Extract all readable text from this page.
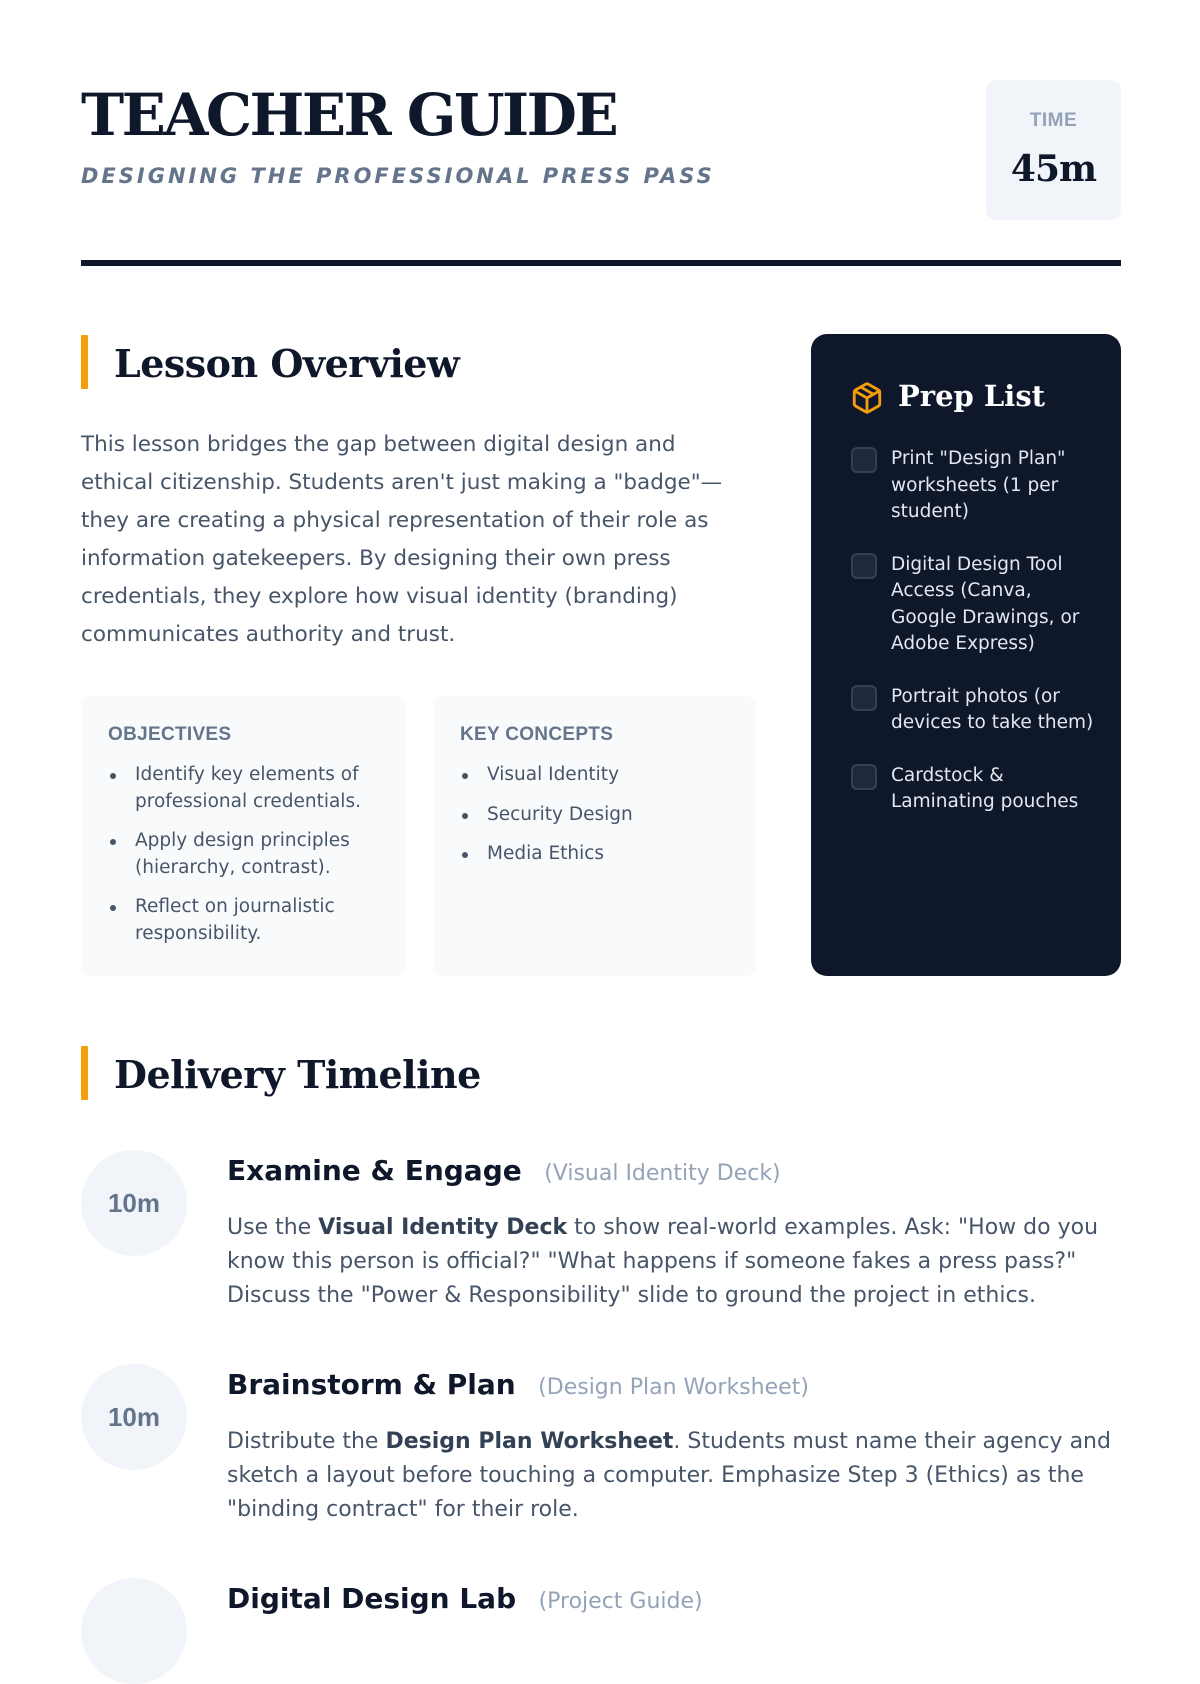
TEACHER GUIDE
DESIGNING THE PROFESSIONAL PRESS PASS
TIME
45m
Lesson Overview

This lesson bridges the gap between digital design and ethical citizenship. Students aren't just making a "badge"—they are creating a physical representation of their role as information gatekeepers. By designing their own press credentials, they explore how visual identity (branding) communicates authority and trust.

OBJECTIVES
Identify key elements of professional credentials.
Apply design principles (hierarchy, contrast).
Reflect on journalistic responsibility.
KEY CONCEPTS
Visual Identity
Security Design
Media Ethics
Prep List
Print "Design Plan" worksheets (1 per student)
Digital Design Tool Access (Canva, Google Drawings, or Adobe Express)
Portrait photos (or devices to take them)
Cardstock & Laminating pouches
Delivery Timeline
10m
Examine & Engage (Visual Identity Deck)

Use the Visual Identity Deck to show real-world examples. Ask: "How do you know this person is official?" "What happens if someone fakes a press pass?" Discuss the "Power & Responsibility" slide to ground the project in ethics.

10m
Brainstorm & Plan (Design Plan Worksheet)

Distribute the Design Plan Worksheet. Students must name their agency and sketch a layout before touching a computer. Emphasize Step 3 (Ethics) as the "binding contract" for their role.

Digital Design Lab (Project Guide)
